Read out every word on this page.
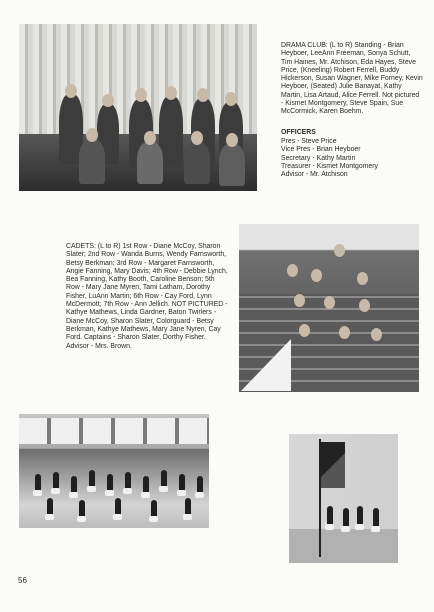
DRAMA CLUB: (L to R) Standing - Brian Heyboer, LeeAnn Freeman, Sonya Schutt, Tim Haines, Mr. Atchison, Eda Hayes, Steve Price, (Kneeling) Robert Ferrell, Buddy Hickerson, Susan Wagner, Mike Forney, Kevin Heyboer, (Seated) Julie Banayat, Kathy Martin, Lisa Artaud, Alice Ferrell. Not pictured - Kismet Montgomery, Steve Spain, Sue McCormick, Karen Boehm.
OFFICERS
Pres - Steve Price
Vice Pres - Brian Heyboer
Secretary - Kathy Martin
Treasurer - Kismet Montgomery
Advisor - Mr. Atchison
CADETS: (L to R) 1st Row - Diane McCoy, Sharon Slater; 2nd Row - Wanda Burns, Wendy Farnsworth, Betsy Berkman; 3rd Row - Margaret Farnsworth, Angie Fanning, Mary Davis; 4th Row - Debbie Lynch, Bea Fanning, Kathy Booth, Caroline Benson; 5th Row - Mary Jane Myren, Tami Latham, Dorothy Fisher, LuAnn Martin; 6th Row - Cay Ford, Lynn McDermott; 7th Row - Ann Jellich. NOT PICTURED - Kathye Mathews, Linda Gardner, Baton Twirlers - Diane McCoy, Sharon Slater, Colorguard - Betsy Berkman, Kathye Mathews, Mary Jane Nyren, Cay Ford. Captains - Sharon Slater, Dorthy Fisher. Advisor - Mrs. Brown.
56
